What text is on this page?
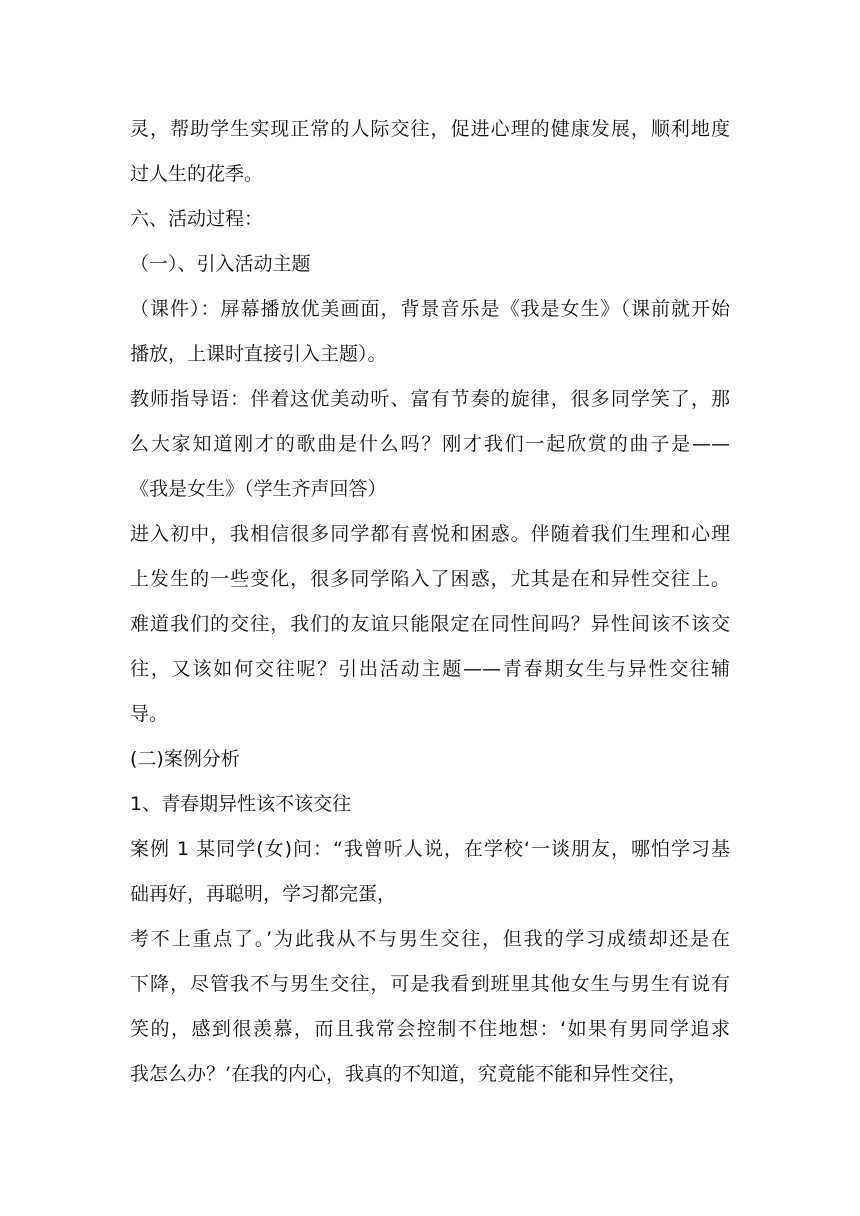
灵，帮助学生实现正常的人际交往，促进心理的健康发展，顺利地度
过人生的花季。
六、活动过程：
（一）、引入活动主题
（课件）：屏幕播放优美画面，背景音乐是《我是女生》（课前就开始
播放，上课时直接引入主题）。
教师指导语：伴着这优美动听、富有节奏的旋律，很多同学笑了，那
么大家知道刚才的歌曲是什么吗？刚才我们一起欣赏的曲子是——
《我是女生》（学生齐声回答）
进入初中，我相信很多同学都有喜悦和困惑。伴随着我们生理和心理
上发生的一些变化，很多同学陷入了困惑，尤其是在和异性交往上。
难道我们的交往，我们的友谊只能限定在同性间吗？异性间该不该交
往，又该如何交往呢？引出活动主题——青春期女生与异性交往辅
导。
(二)案例分析
1、青春期异性该不该交往
案例 1 某同学(女)问：“我曾听人说，在学校‘一谈朋友，哪怕学习基
础再好，再聪明，学习都完蛋，
考不上重点了。’为此我从不与男生交往，但我的学习成绩却还是在
下降，尽管我不与男生交往，可是我看到班里其他女生与男生有说有
笑的，感到很羡慕，而且我常会控制不住地想：‘如果有男同学追求
我怎么办？’在我的内心，我真的不知道，究竟能不能和异性交往，
